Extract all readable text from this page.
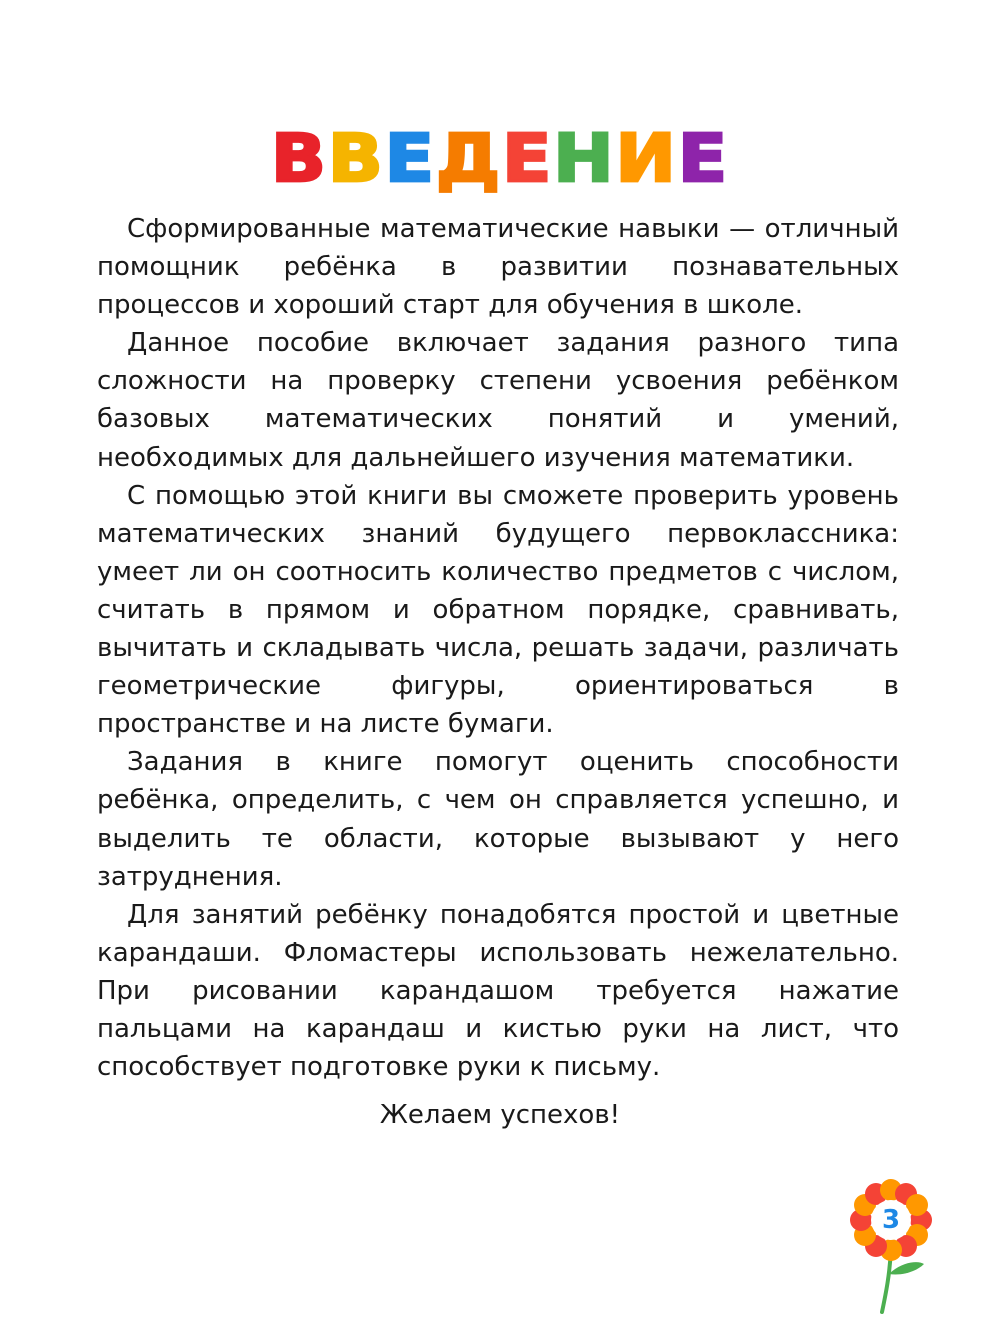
ВВЕДЕНИЕ

Сформированные математические навыки — отличный помощник ребёнка в развитии познавательных процессов и хороший старт для обучения в школе.

Данное пособие включает задания разного типа сложности на проверку степени усвоения ребёнком базовых математических понятий и умений, необходимых для дальнейшего изучения математики.

С помощью этой книги вы сможете проверить уровень математических знаний будущего первоклассника: умеет ли он соотносить количество предметов с числом, считать в прямом и обратном порядке, сравнивать, вычитать и складывать числа, решать задачи, различать геометрические фигуры, ориентироваться в пространстве и на листе бумаги.

Задания в книге помогут оценить способности ребёнка, определить, с чем он справляется успешно, и выделить те области, которые вызывают у него затруднения.

Для занятий ребёнку понадобятся простой и цветные карандаши. Фломастеры использовать нежелательно. При рисовании карандашом требуется нажатие пальцами на карандаш и кистью руки на лист, что способствует подготовке руки к письму.

Желаем успехов!
3
